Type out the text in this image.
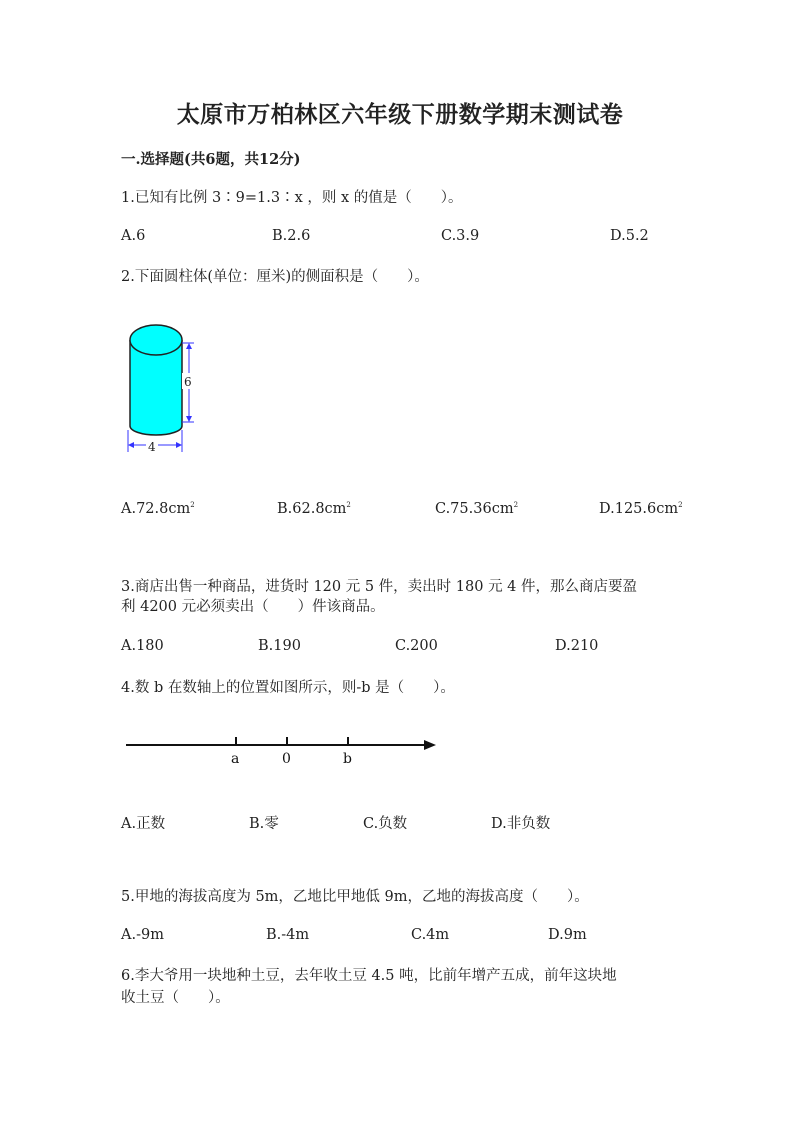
太原市万柏林区六年级下册数学期末测试卷
一.选择题(共6题，共12分)
1.已知有比例 3∶9=1.3∶x ，则 x 的值是（　　）。
A.6	B.2.6	C.3.9	D.5.2
2.下面圆柱体(单位：厘米)的侧面积是（　　）。
6
4
$A.72.8cm^2$	$B.62.8cm^2$	$C.75.36cm^2$	$D.125.6cm^2$
3.商店出售一种商品，进货时 120 元 5 件，卖出时 180 元 4 件，那么商店要盈
利 4200 元必须卖出（　　）件该商品。
A.180	B.190	C.200	D.210
4.数 b 在数轴上的位置如图所示，则-b 是（　　）。
a	0	b
A.正数	B.零	C.负数	D.非负数
5.甲地的海拔高度为 5m，乙地比甲地低 9m，乙地的海拔高度（　　）。
A.-9m	B.-4m	C.4m	D.9m
6.李大爷用一块地种土豆，去年收土豆 4.5 吨，比前年增产五成，前年这块地
收土豆（　　）。
